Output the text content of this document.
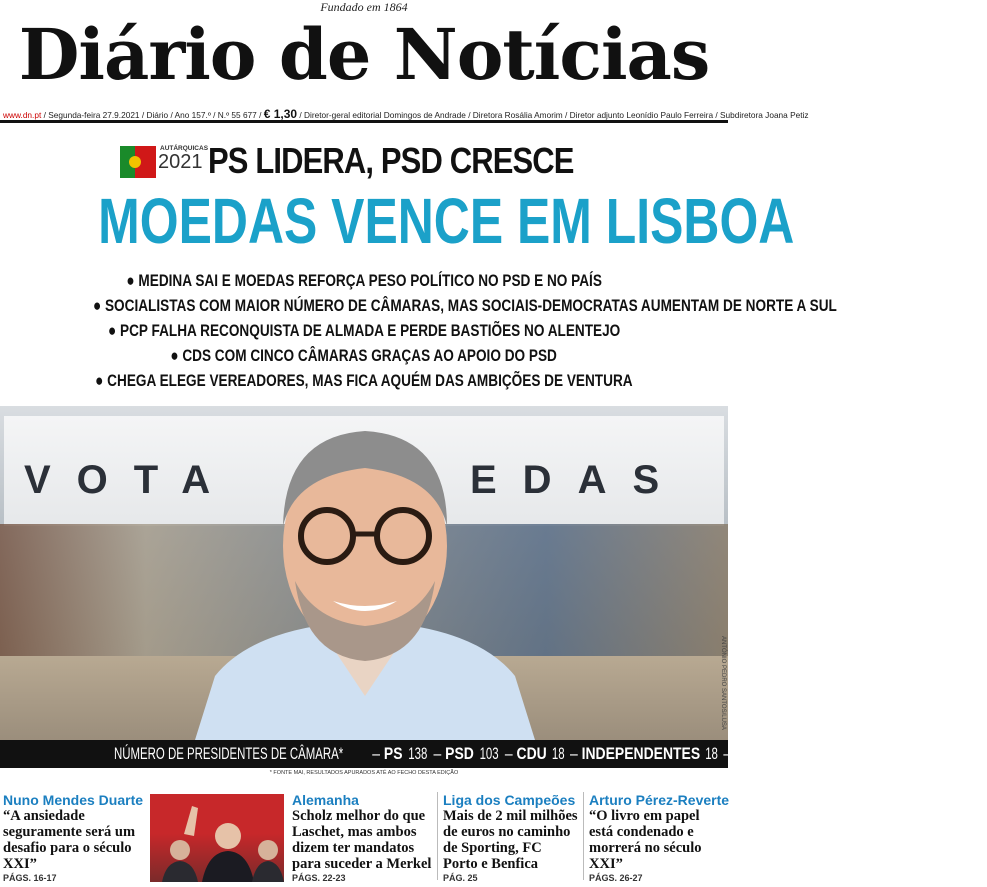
Fundado em 1864
Diário de Notícias
www.dn.pt / Segunda-feira 27.9.2021 / Diário / Ano 157.º / N.º 55 677 / € 1,30 / Diretor-geral editorial Domingos de Andrade / Diretora Rosália Amorim / Diretor adjunto Leonídio Paulo Ferreira / Subdiretora Joana Petiz
AUTÁRQUICAS
2021 PS LIDERA, PSD CRESCE
MOEDAS VENCE EM LISBOA
● MEDINA SAI E MOEDAS REFORÇA PESO POLÍTICO NO PSD E NO PAÍS
● SOCIALISTAS COM MAIOR NÚMERO DE CÂMARAS, MAS SOCIAIS-DEMOCRATAS AUMENTAM DE NORTE A SUL
● PCP FALHA RECONQUISTA DE ALMADA E PERDE BASTIÕES NO ALENTEJO
● CDS COM CINCO CÂMARAS GRAÇAS AO APOIO DO PSD
● CHEGA ELEGE VEREADORES, MAS FICA AQUÉM DAS AMBIÇÕES DE VENTURA
VOTA	EDAS
ANTÓNIO PEDRO SANTOS/LUSA
NÚMERO DE PRESIDENTES DE CÂMARA* – PS 138 – PSD 103 – CDU 18 – INDEPENDENTES 18 – CDS 5 – LIVRE 1 – JPP 1
* FONTE MAI, RESULTADOS APURADOS ATÉ AO FECHO DESTA EDIÇÃO
Nuno Mendes Duarte
“A ansiedade seguramente será um desafio para o século XXI”
PÁGS. 16-17
Alemanha
Scholz melhor do que Laschet, mas ambos dizem ter mandatos para suceder a Merkel
PÁGS. 22-23
Liga dos Campeões
Mais de 2 mil milhões de euros no caminho de Sporting, FC Porto e Benfica
PÁG. 25
Arturo Pérez-Reverte
“O livro em papel está condenado e morrerá no século XXI”
PÁGS. 26-27
